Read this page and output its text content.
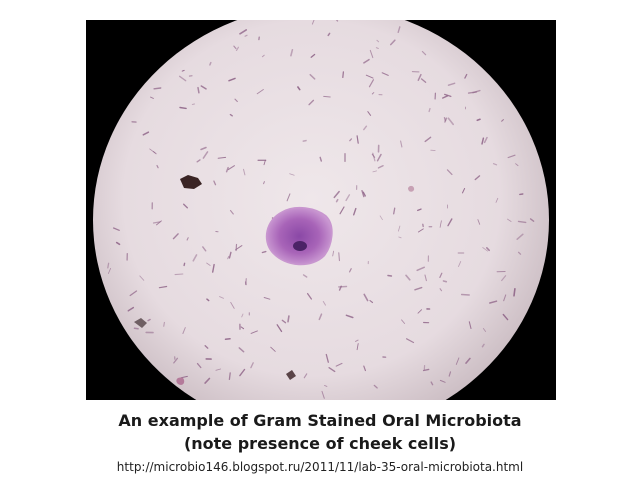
An example of Gram Stained Oral Microbiota
(note presence of cheek cells)
http://microbio146.blogspot.ru/2011/11/lab-35-oral-microbiota.html
